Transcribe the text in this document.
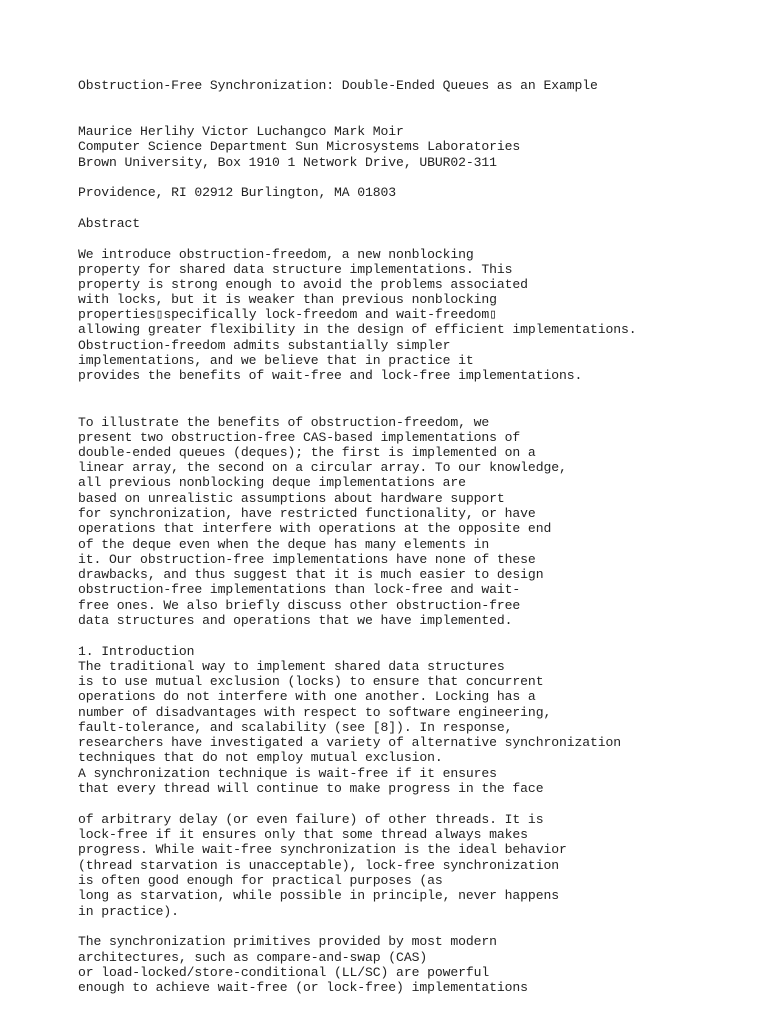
Obstruction-Free Synchronization: Double-Ended Queues as an Example
Maurice Herlihy Victor Luchangco Mark Moir
Computer Science Department Sun Microsystems Laboratories
Brown University, Box 1910 1 Network Drive, UBUR02-311
Providence, RI 02912 Burlington, MA 01803
Abstract
We introduce obstruction-freedom, a new nonblocking
property for shared data structure implementations. This
property is strong enough to avoid the problems associated
with locks, but it is weaker than previous nonblocking
properties▯specifically lock-freedom and wait-freedom▯
allowing greater flexibility in the design of efficient implementations.
Obstruction-freedom admits substantially simpler
implementations, and we believe that in practice it
provides the benefits of wait-free and lock-free implementations.
To illustrate the benefits of obstruction-freedom, we
present two obstruction-free CAS-based implementations of
double-ended queues (deques); the first is implemented on a
linear array, the second on a circular array. To our knowledge,
all previous nonblocking deque implementations are
based on unrealistic assumptions about hardware support
for synchronization, have restricted functionality, or have
operations that interfere with operations at the opposite end
of the deque even when the deque has many elements in
it. Our obstruction-free implementations have none of these
drawbacks, and thus suggest that it is much easier to design
obstruction-free implementations than lock-free and wait-
free ones. We also briefly discuss other obstruction-free
data structures and operations that we have implemented.
1. Introduction
The traditional way to implement shared data structures
is to use mutual exclusion (locks) to ensure that concurrent
operations do not interfere with one another. Locking has a
number of disadvantages with respect to software engineering,
fault-tolerance, and scalability (see [8]). In response,
researchers have investigated a variety of alternative synchronization
techniques that do not employ mutual exclusion.
A synchronization technique is wait-free if it ensures
that every thread will continue to make progress in the face
of arbitrary delay (or even failure) of other threads. It is
lock-free if it ensures only that some thread always makes
progress. While wait-free synchronization is the ideal behavior
(thread starvation is unacceptable), lock-free synchronization
is often good enough for practical purposes (as
long as starvation, while possible in principle, never happens
in practice).
The synchronization primitives provided by most modern
architectures, such as compare-and-swap (CAS)
or load-locked/store-conditional (LL/SC) are powerful
enough to achieve wait-free (or lock-free) implementations
